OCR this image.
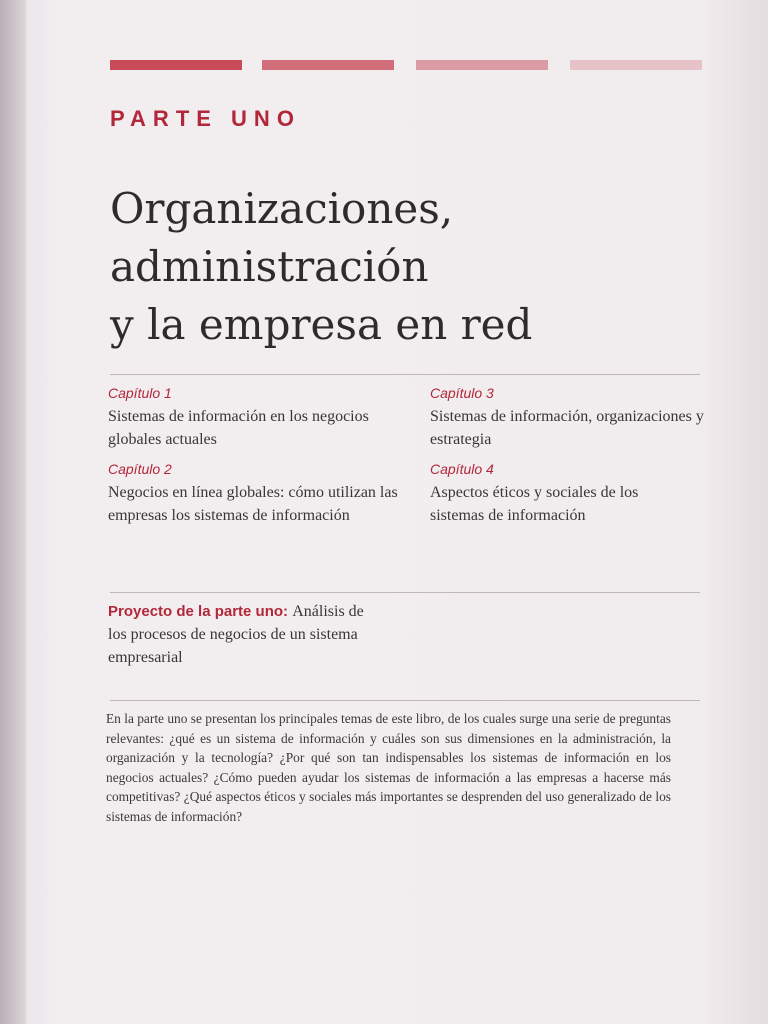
PARTE UNO
Organizaciones,
administración
y la empresa en red
Capítulo 1
Sistemas de información en los negocios globales actuales
Capítulo 2
Negocios en línea globales: cómo utilizan las empresas los sistemas de información
Capítulo 3
Sistemas de información, organizaciones y estrategia
Capítulo 4
Aspectos éticos y sociales de los sistemas de información
Proyecto de la parte uno: Análisis de los procesos de negocios de un sistema empresarial
En la parte uno se presentan los principales temas de este libro, de los cuales surge una serie de preguntas relevantes: ¿qué es un sistema de información y cuáles son sus dimensiones en la administración, la organización y la tecnología? ¿Por qué son tan indispensables los sistemas de información en los negocios actuales? ¿Cómo pueden ayudar los sistemas de información a las empresas a hacerse más competitivas? ¿Qué aspectos éticos y sociales más importantes se desprenden del uso generalizado de los sistemas de información?
